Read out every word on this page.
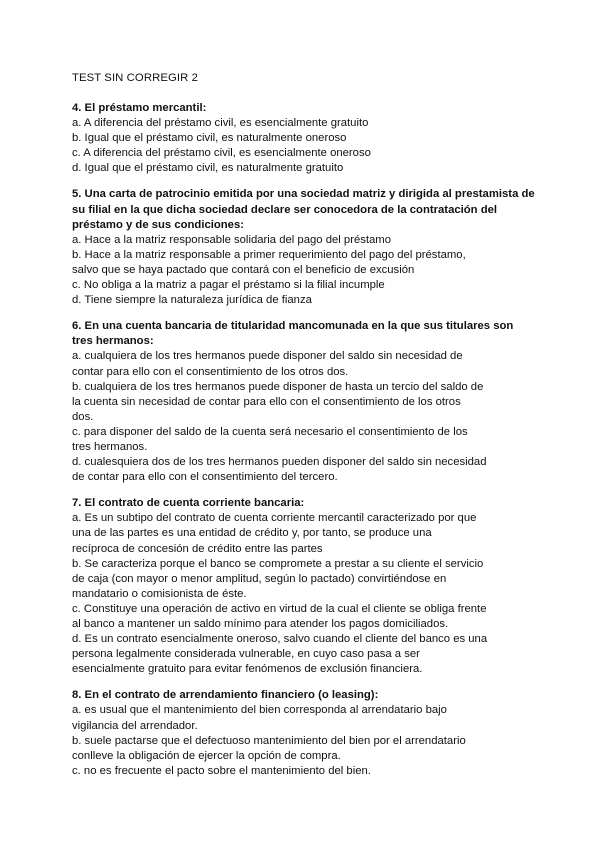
TEST SIN CORREGIR 2
4. El préstamo mercantil:
a. A diferencia del préstamo civil, es esencialmente gratuito
b. Igual que el préstamo civil, es naturalmente oneroso
c. A diferencia del préstamo civil, es esencialmente oneroso
d. Igual que el préstamo civil, es naturalmente gratuito
5. Una carta de patrocinio emitida por una sociedad matriz y dirigida al prestamista de
su filial en la que dicha sociedad declare ser conocedora de la contratación del
préstamo y de sus condiciones:
a. Hace a la matriz responsable solidaria del pago del préstamo
b. Hace a la matriz responsable a primer requerimiento del pago del préstamo,
salvo que se haya pactado que contará con el beneficio de excusión
c. No obliga a la matriz a pagar el préstamo si la filial incumple
d. Tiene siempre la naturaleza jurídica de fianza
6. En una cuenta bancaria de titularidad mancomunada en la que sus titulares son
tres hermanos:
a. cualquiera de los tres hermanos puede disponer del saldo sin necesidad de
contar para ello con el consentimiento de los otros dos.
b. cualquiera de los tres hermanos puede disponer de hasta un tercio del saldo de
la cuenta sin necesidad de contar para ello con el consentimiento de los otros
dos.
c. para disponer del saldo de la cuenta será necesario el consentimiento de los
tres hermanos.
d. cualesquiera dos de los tres hermanos pueden disponer del saldo sin necesidad
de contar para ello con el consentimiento del tercero.
7. El contrato de cuenta corriente bancaria:
a. Es un subtipo del contrato de cuenta corriente mercantil caracterizado por que
una de las partes es una entidad de crédito y, por tanto, se produce una
recíproca de concesión de crédito entre las partes
b. Se caracteriza porque el banco se compromete a prestar a su cliente el servicio
de caja (con mayor o menor amplitud, según lo pactado) convirtiéndose en
mandatario o comisionista de éste.
c. Constituye una operación de activo en virtud de la cual el cliente se obliga frente
al banco a mantener un saldo mínimo para atender los pagos domiciliados.
d. Es un contrato esencialmente oneroso, salvo cuando el cliente del banco es una
persona legalmente considerada vulnerable, en cuyo caso pasa a ser
esencialmente gratuito para evitar fenómenos de exclusión financiera.
8. En el contrato de arrendamiento financiero (o leasing):
a. es usual que el mantenimiento del bien corresponda al arrendatario bajo
vigilancia del arrendador.
b. suele pactarse que el defectuoso mantenimiento del bien por el arrendatario
conlleve la obligación de ejercer la opción de compra.
c. no es frecuente el pacto sobre el mantenimiento del bien.
